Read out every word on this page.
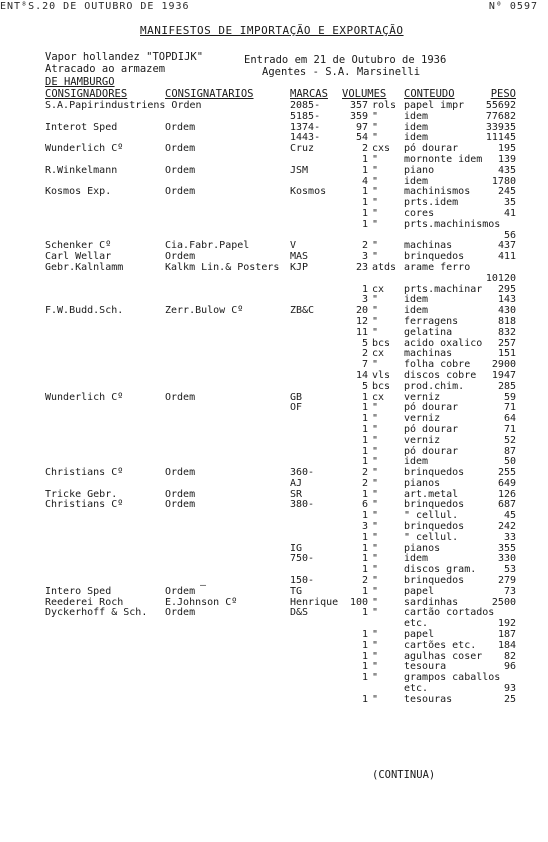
ENT⁸S.20 DE OUTUBRO DE 1936	N⁰ 0597
MANIFESTOS DE IMPORTAÇÃO E EXPORTAÇÃO
Vapor hollandez "TOPDIJK"	Entrado em 21 de Outubro de 1936
Atracado ao armazem	Agentes - S.A. Marsinelli
DE HAMBURGO
CONSIGNADORES	CONSIGNATARIOS	MARCAS VOLUMES CONTEUDO	PESO
S.A.Papirindustriens Orden	2085-	357 rols papel impr 55692
5185-	359 "	idem	77682
Interot Sped	Ordem	1374-	97 "	idem	33935
1443-	54 "	idem	11145
Wunderlich Cº	Ordem	Cruz	2 cxs pó dourar	195
1 "	mornonte idem 139
R.Winkelmann	Ordem	JSM	1 "	piano	435
4 "	idem	1780
Kosmos Exp.	Ordem	Kosmos	1 "	machinismos	245
1 "	prts.idem	35
1 "	cores	41
1 "	prts.machinismos
56
Schenker Cº	Cia.Fabr.Papel	V	2 "	machinas	437
Carl Wellar	Ordem	MAS	3 "	brinquedos	411
Gebr.Kalnlamm	Kalkm Lin.& Posters KJP	23 atds arame ferro
10120
1 cx prts.machinar 295
3 "	idem	143
F.W.Budd.Sch.	Zerr.Bulow Cº	ZB&C	20 "	idem	430
12 "	ferragens	818
11 "	gelatina	832
5 bcs acido oxalico 257
2 cx machinas	151
7 "	folha cobre 2900
14 vls discos cobre 1947
5 bcs prod.chim.	285
Wunderlich Cº	Ordem	GB	1 cx verniz	59
OF	1 "	pó dourar	71
1 "	verniz	64
1 "	pó dourar	71
1 "	verniz	52
1 "	pó dourar	87
1 "	idem	50
Christians Cº	Ordem	360-	2 "	brinquedos	255
AJ	2 "	pianos	649
Tricke Gebr.	Ordem	SR	1 "	art.metal	126
Christians Cº	Ordem	380-	6 "	brinquedos	687
1 "	" cellul.	45
3 "	brinquedos	242
1 "	" cellul.	33
IG	1 "	pianos	355
750-	1 "	idem	330
1 "	discos gram.	53
150-	2 "	brinquedos	279
Intero Sped	Ordem	TG	1 "	papel	73
Reederei Roch	E.Johnson Cº	Henrique	100 "	sardinhas	2500
Dyckerhoff & Sch. Ordem	D&S	1 "	cartão cortados
etc.	192
1 "	papel	187
1 "	cartões etc. 184
1 "	agulhas coser 82
1 "	tesoura	96
1 "	grampos caballos
etc.	93
1 "	tesouras	25
(CONTINUA)
—
